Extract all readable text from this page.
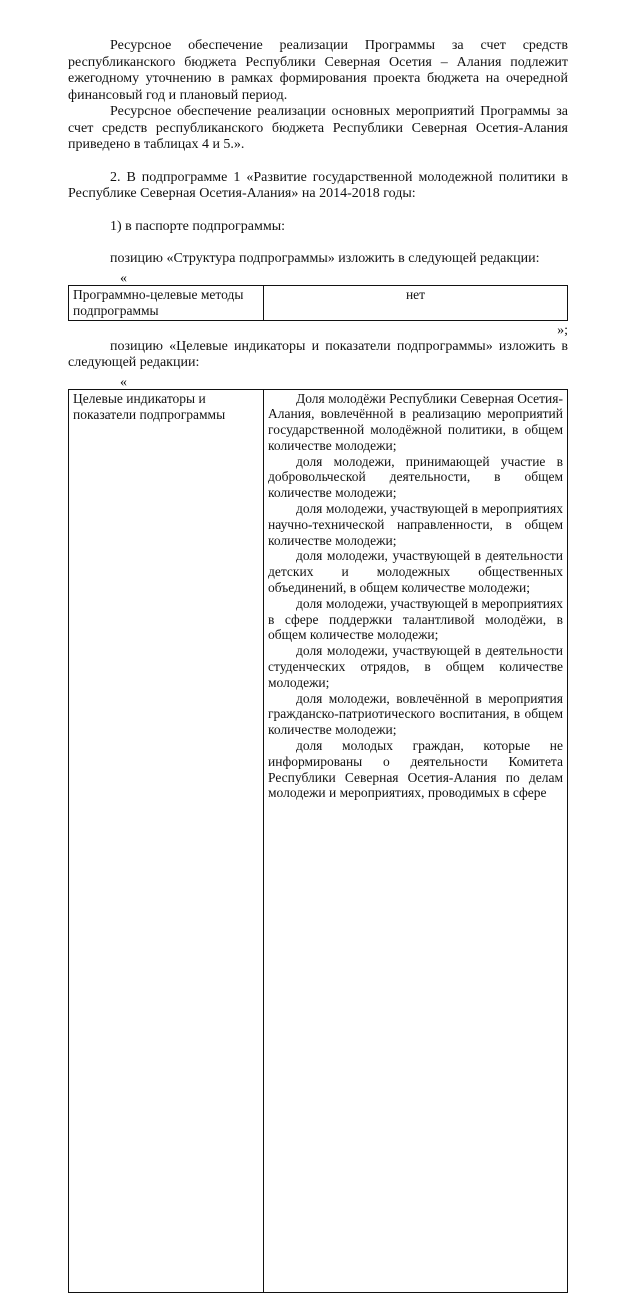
Ресурсное обеспечение реализации Программы за счет средств республиканского бюджета Республики Северная Осетия – Алания подлежит ежегодному уточнению в рамках формирования проекта бюджета на очередной финансовый год и плановый период.

Ресурсное обеспечение реализации основных мероприятий Программы за счет средств республиканского бюджета Республики Северная Осетия-Алания приведено в таблицах 4 и 5.».

2. В подпрограмме 1 «Развитие государственной молодежной политики в Республике Северная Осетия-Алания» на 2014-2018 годы:

1) в паспорте подпрограммы:

позицию «Структура подпрограммы» изложить в следующей редакции:

«

Программно-целевые методы подпрограммы	нет

»;

позицию «Целевые индикаторы и показатели подпрограммы» изложить в следующей редакции:

«

Целевые индикаторы и показатели подпрограммы	

Доля молодёжи Республики Северная Осетия-Алания, вовлечённой в реализацию мероприятий государственной молодёжной политики, в общем количестве молодежи;

доля молодежи, принимающей участие в добровольческой деятельности, в общем количестве молодежи;

доля молодежи, участвующей в мероприятиях научно-технической направленности, в общем количестве молодежи;

доля молодежи, участвующей в деятельности детских и молодежных общественных объединений, в общем количестве молодежи;

доля молодежи, участвующей в мероприятиях в сфере поддержки талантливой молодёжи, в общем количестве молодежи;

доля молодежи, участвующей в деятельности студенческих отрядов, в общем количестве молодежи;

доля молодежи, вовлечённой в мероприятия гражданско-патриотического воспитания, в общем количестве молодежи;

доля молодых граждан, которые не информированы о деятельности Комитета Республики Северная Осетия-Алания по делам молодежи и мероприятиях, проводимых в сфере
